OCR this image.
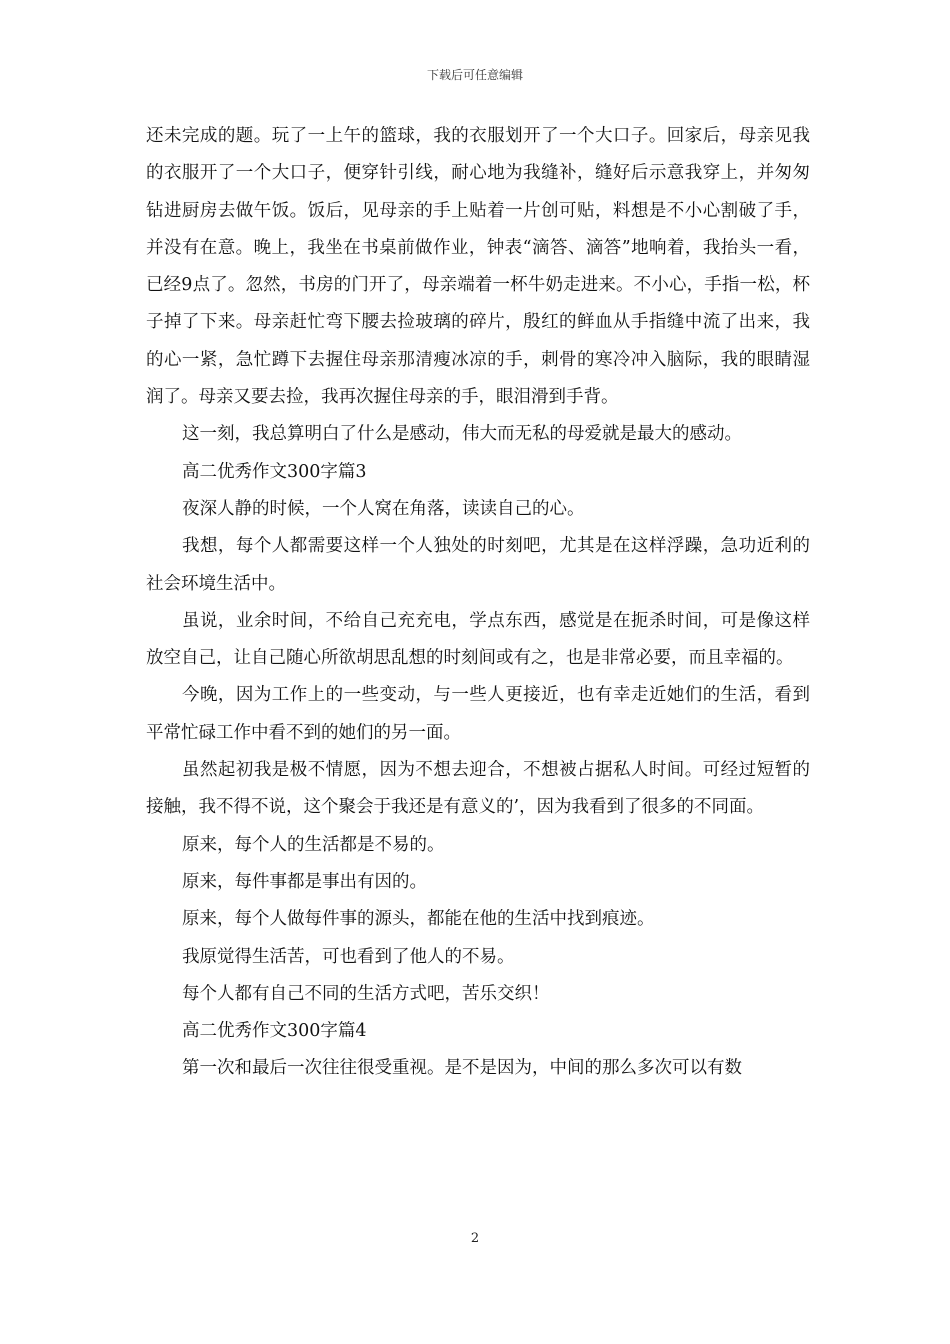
下载后可任意编辑

还未完成的题。玩了一上午的篮球，我的衣服划开了一个大口子。回家后，母亲见我的衣服开了一个大口子，便穿针引线，耐心地为我缝补，缝好后示意我穿上，并匆匆钻进厨房去做午饭。饭后，见母亲的手上贴着一片创可贴，料想是不小心割破了手，并没有在意。晚上，我坐在书桌前做作业，钟表“滴答、滴答”地响着，我抬头一看，已经9点了。忽然，书房的门开了，母亲端着一杯牛奶走进来。不小心，手指一松，杯子掉了下来。母亲赶忙弯下腰去捡玻璃的碎片，殷红的鲜血从手指缝中流了出来，我的心一紧，急忙蹲下去握住母亲那清瘦冰凉的手，刺骨的寒冷冲入脑际，我的眼睛湿润了。母亲又要去捡，我再次握住母亲的手，眼泪滑到手背。

这一刻，我总算明白了什么是感动，伟大而无私的母爱就是最大的感动。

高二优秀作文300字篇3

夜深人静的时候，一个人窝在角落，读读自己的心。

我想，每个人都需要这样一个人独处的时刻吧，尤其是在这样浮躁，急功近利的社会环境生活中。

虽说，业余时间，不给自己充充电，学点东西，感觉是在扼杀时间，可是像这样放空自己，让自己随心所欲胡思乱想的时刻间或有之，也是非常必要，而且幸福的。

今晚，因为工作上的一些变动，与一些人更接近，也有幸走近她们的生活，看到平常忙碌工作中看不到的她们的另一面。

虽然起初我是极不情愿，因为不想去迎合，不想被占据私人时间。可经过短暂的接触，我不得不说，这个聚会于我还是有意义的’，因为我看到了很多的不同面。

原来，每个人的生活都是不易的。

原来，每件事都是事出有因的。

原来，每个人做每件事的源头，都能在他的生活中找到痕迹。

我原觉得生活苦，可也看到了他人的不易。

每个人都有自己不同的生活方式吧，苦乐交织！

高二优秀作文300字篇4

第一次和最后一次往往很受重视。是不是因为，中间的那么多次可以有数

2
